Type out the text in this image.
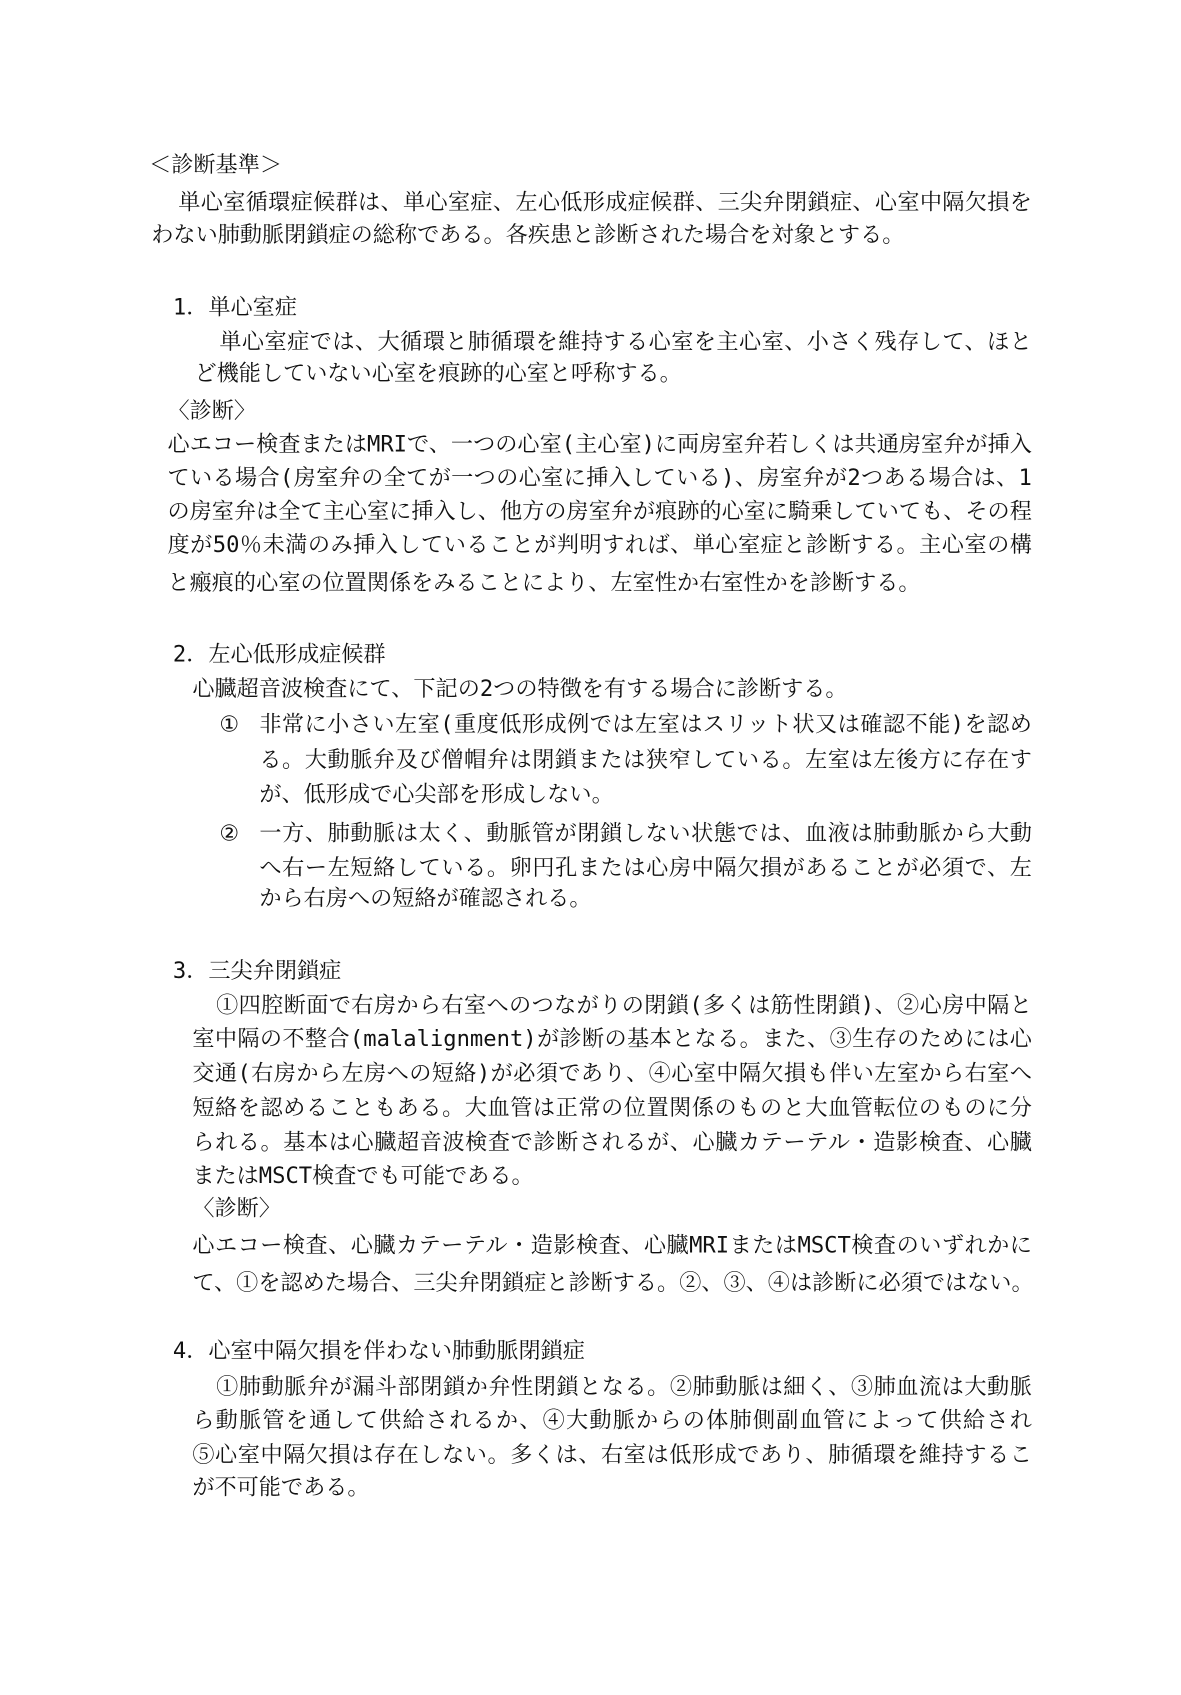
＜診断基準＞
単心室循環症候群は、単心室症、左心低形成症候群、三尖弁閉鎖症、心室中隔欠損を
わない肺動脈閉鎖症の総称である。各疾患と診断された場合を対象とする。
1．単心室症
単心室症では、大循環と肺循環を維持する心室を主心室、小さく残存して、ほと
ど機能していない心室を痕跡的心室と呼称する。
〈診断〉
心エコー検査またはMRIで、一つの心室(主心室)に両房室弁若しくは共通房室弁が挿入
ている場合(房室弁の全てが一つの心室に挿入している)、房室弁が2つある場合は、1
の房室弁は全て主心室に挿入し、他方の房室弁が痕跡的心室に騎乗していても、その程
度が50％未満のみ挿入していることが判明すれば、単心室症と診断する。主心室の構
と瘢痕的心室の位置関係をみることにより、左室性か右室性かを診断する。
2．左心低形成症候群
心臓超音波検査にて、下記の2つの特徴を有する場合に診断する。
① 非常に小さい左室(重度低形成例では左室はスリット状又は確認不能)を認め
る。大動脈弁及び僧帽弁は閉鎖または狭窄している。左室は左後方に存在す
が、低形成で心尖部を形成しない。
② 一方、肺動脈は太く、動脈管が閉鎖しない状態では、血液は肺動脈から大動
へ右ー左短絡している。卵円孔または心房中隔欠損があることが必須で、左
から右房への短絡が確認される。
3．三尖弁閉鎖症
①四腔断面で右房から右室へのつながりの閉鎖(多くは筋性閉鎖)、②心房中隔と
室中隔の不整合(malalignment)が診断の基本となる。また、③生存のためには心
交通(右房から左房への短絡)が必須であり、④心室中隔欠損も伴い左室から右室へ
短絡を認めることもある。大血管は正常の位置関係のものと大血管転位のものに分
られる。基本は心臓超音波検査で診断されるが、心臓カテーテル・造影検査、心臓
またはMSCT検査でも可能である。
〈診断〉
心エコー検査、心臓カテーテル・造影検査、心臓MRIまたはMSCT検査のいずれかに
て、①を認めた場合、三尖弁閉鎖症と診断する。②、③、④は診断に必須ではない。
4．心室中隔欠損を伴わない肺動脈閉鎖症
①肺動脈弁が漏斗部閉鎖か弁性閉鎖となる。②肺動脈は細く、③肺血流は大動脈
ら動脈管を通して供給されるか、④大動脈からの体肺側副血管によって供給され
⑤心室中隔欠損は存在しない。多くは、右室は低形成であり、肺循環を維持するこ
が不可能である。
